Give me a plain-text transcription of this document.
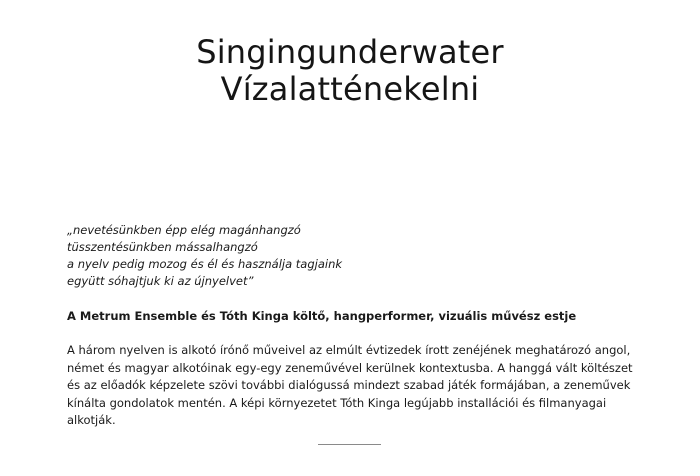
Singingunderwater
Vízalatténekelni

„nevetésünkben épp elég magánhangzó
tüsszentésünkben mássalhangzó
a nyelv pedig mozog és él és használja tagjaink
együtt sóhajtjuk ki az újnyelvet”

A Metrum Ensemble és Tóth Kinga költő, hangperformer, vizuális művész estje

A három nyelven is alkotó írónő műveivel az elmúlt évtizedek írott zenéjének meghatározó angol, német és magyar alkotóinak egy-egy zeneművével kerülnek kontextusba. A hanggá vált költészet és az előadók képzelete szövi további dialógussá mindezt szabad játék formájában, a zeneművek kínálta gondolatok mentén. A képi környezetet Tóth Kinga legújabb installációi és filmanyagai alkotják.
